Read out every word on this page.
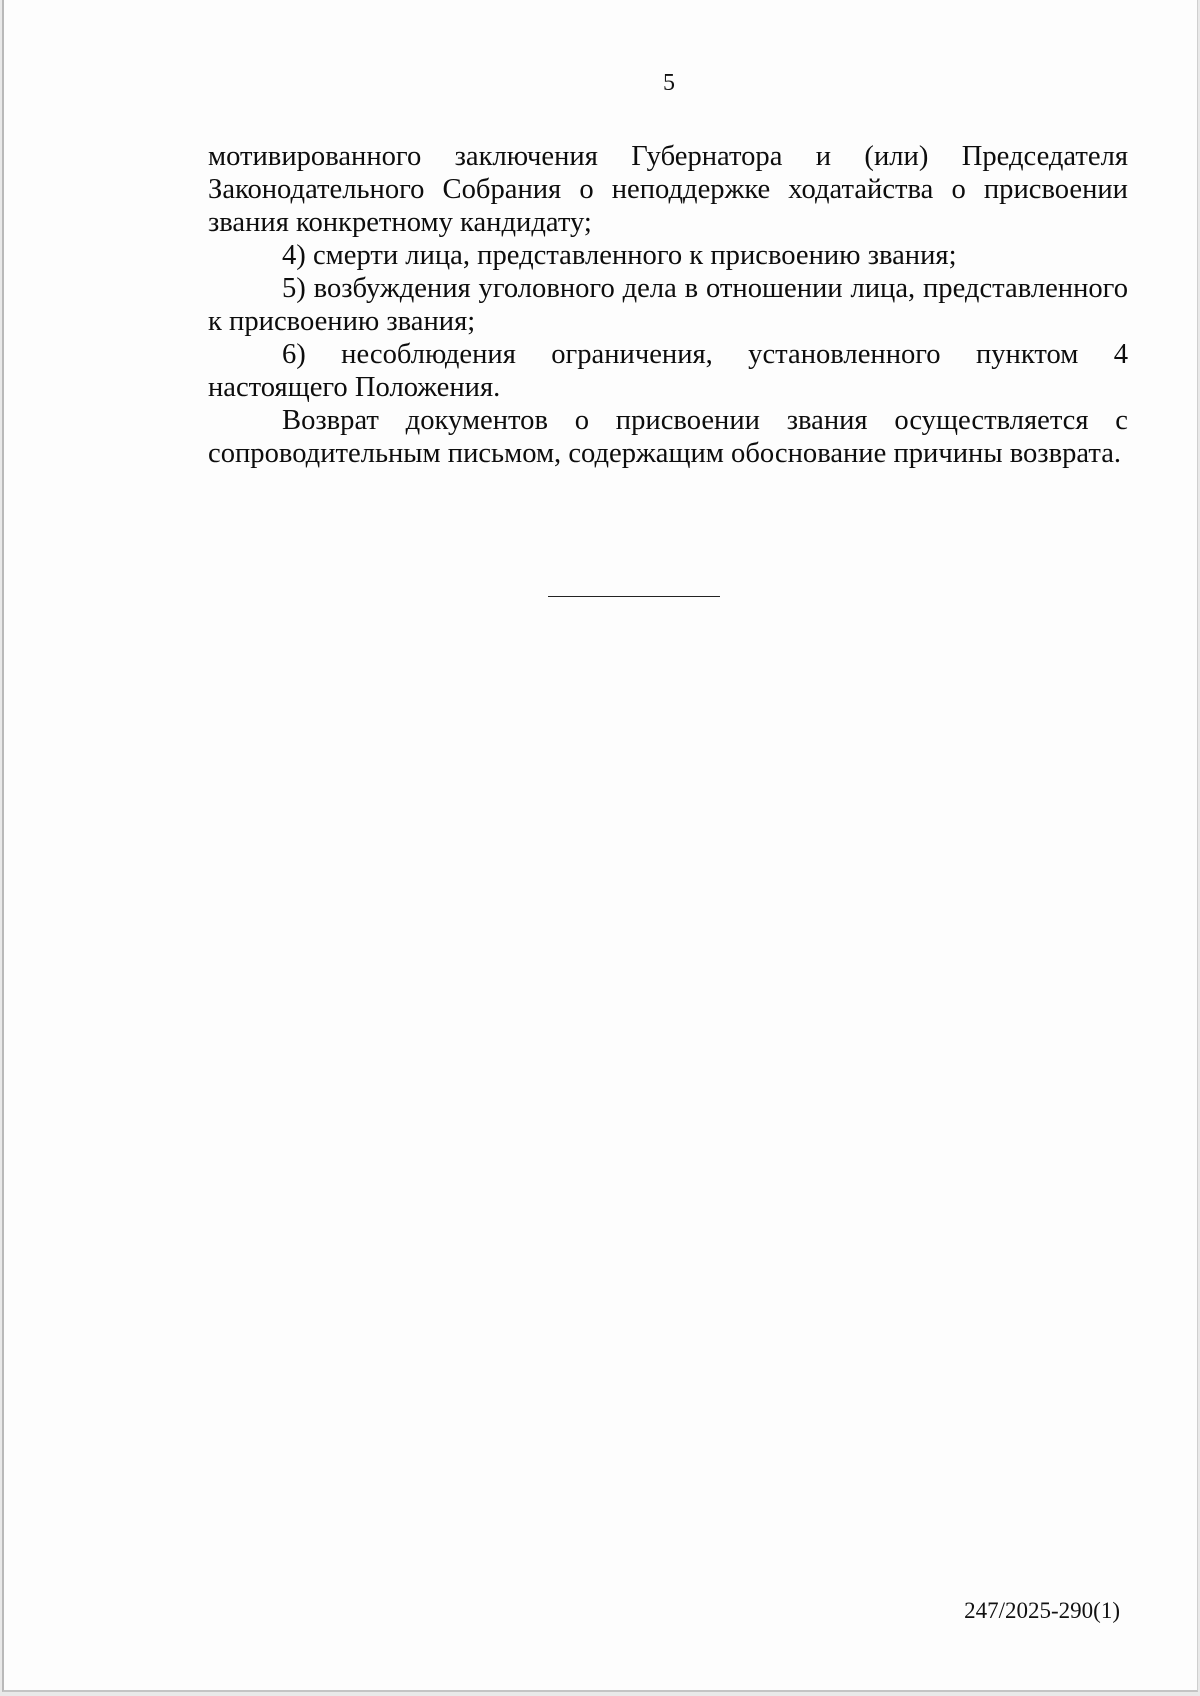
5

мотивированного заключения Губернатора и (или) Председателя Законодательного Собрания о неподдержке ходатайства о присвоении звания конкретному кандидату;

4) смерти лица, представленного к присвоению звания;

5) возбуждения уголовного дела в отношении лица, представленного к присвоению звания;

6) несоблюдения ограничения, установленного пунктом 4 настоящего Положения.

Возврат документов о присвоении звания осуществляется с сопроводительным письмом, содержащим обоснование причины возврата.

247/2025-290(1)
